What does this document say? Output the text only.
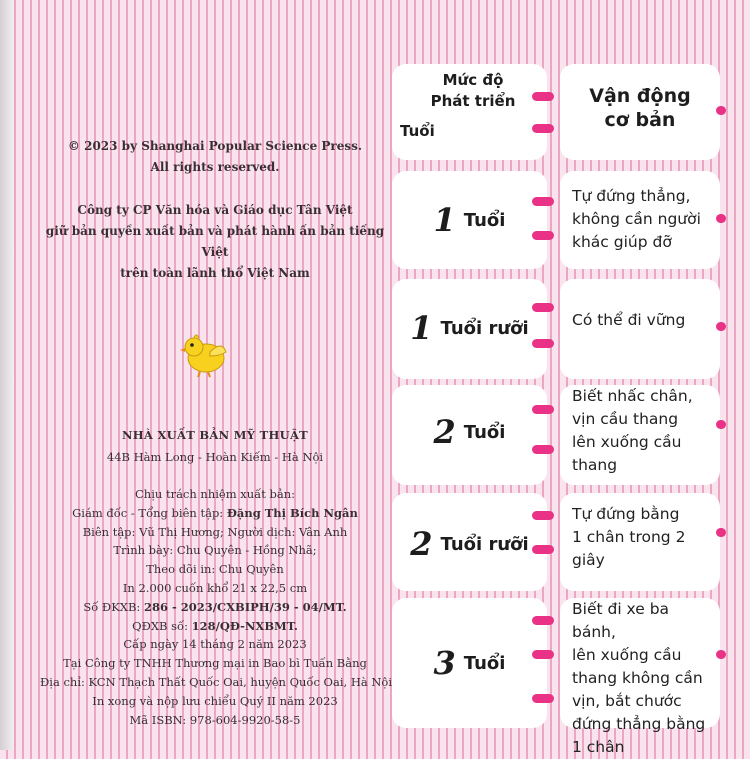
© 2023 by Shanghai Popular Science Press.
All rights reserved.
Công ty CP Văn hóa và Giáo dục Tân Việt
giữ bản quyền xuất bản và phát hành ấn bản tiếng Việt
trên toàn lãnh thổ Việt Nam
NHÀ XUẤT BẢN MỸ THUẬT
44B Hàm Long - Hoàn Kiếm - Hà Nội
Chịu trách nhiệm xuất bản:
Giám đốc - Tổng biên tập: Đặng Thị Bích Ngân
Biên tập: Vũ Thị Hương; Người dịch: Vân Anh
Trình bày: Chu Quyên - Hồng Nhã;
Theo dõi in: Chu Quyên
In 2.000 cuốn khổ 21 x 22,5 cm
Số ĐKXB: 286 - 2023/CXBIPH/39 - 04/MT.
QĐXB số: 128/QĐ-NXBMT.
Cấp ngày 14 tháng 2 năm 2023
Tại Công ty TNHH Thương mại in Bao bì Tuấn Bằng
Địa chỉ: KCN Thạch Thất Quốc Oai, huyện Quốc Oai, Hà Nội
In xong và nộp lưu chiểu Quý II năm 2023
Mã ISBN: 978-604-9920-58-5
Mức độ
Phát triển
Tuổi
Vận động
cơ bản
1 Tuổi
Tự đứng thẳng,
không cần người
khác giúp đỡ
1 Tuổi rưỡi	Có thể đi vững
2 Tuổi
Biết nhấc chân,
vịn cầu thang
lên xuống cầu
thang
2 Tuổi rưỡi
Tự đứng bằng
1 chân trong 2
giây
3 Tuổi
Biết đi xe ba bánh,
lên xuống cầu
thang không cần
vịn, bắt chước
đứng thẳng bằng
1 chân
